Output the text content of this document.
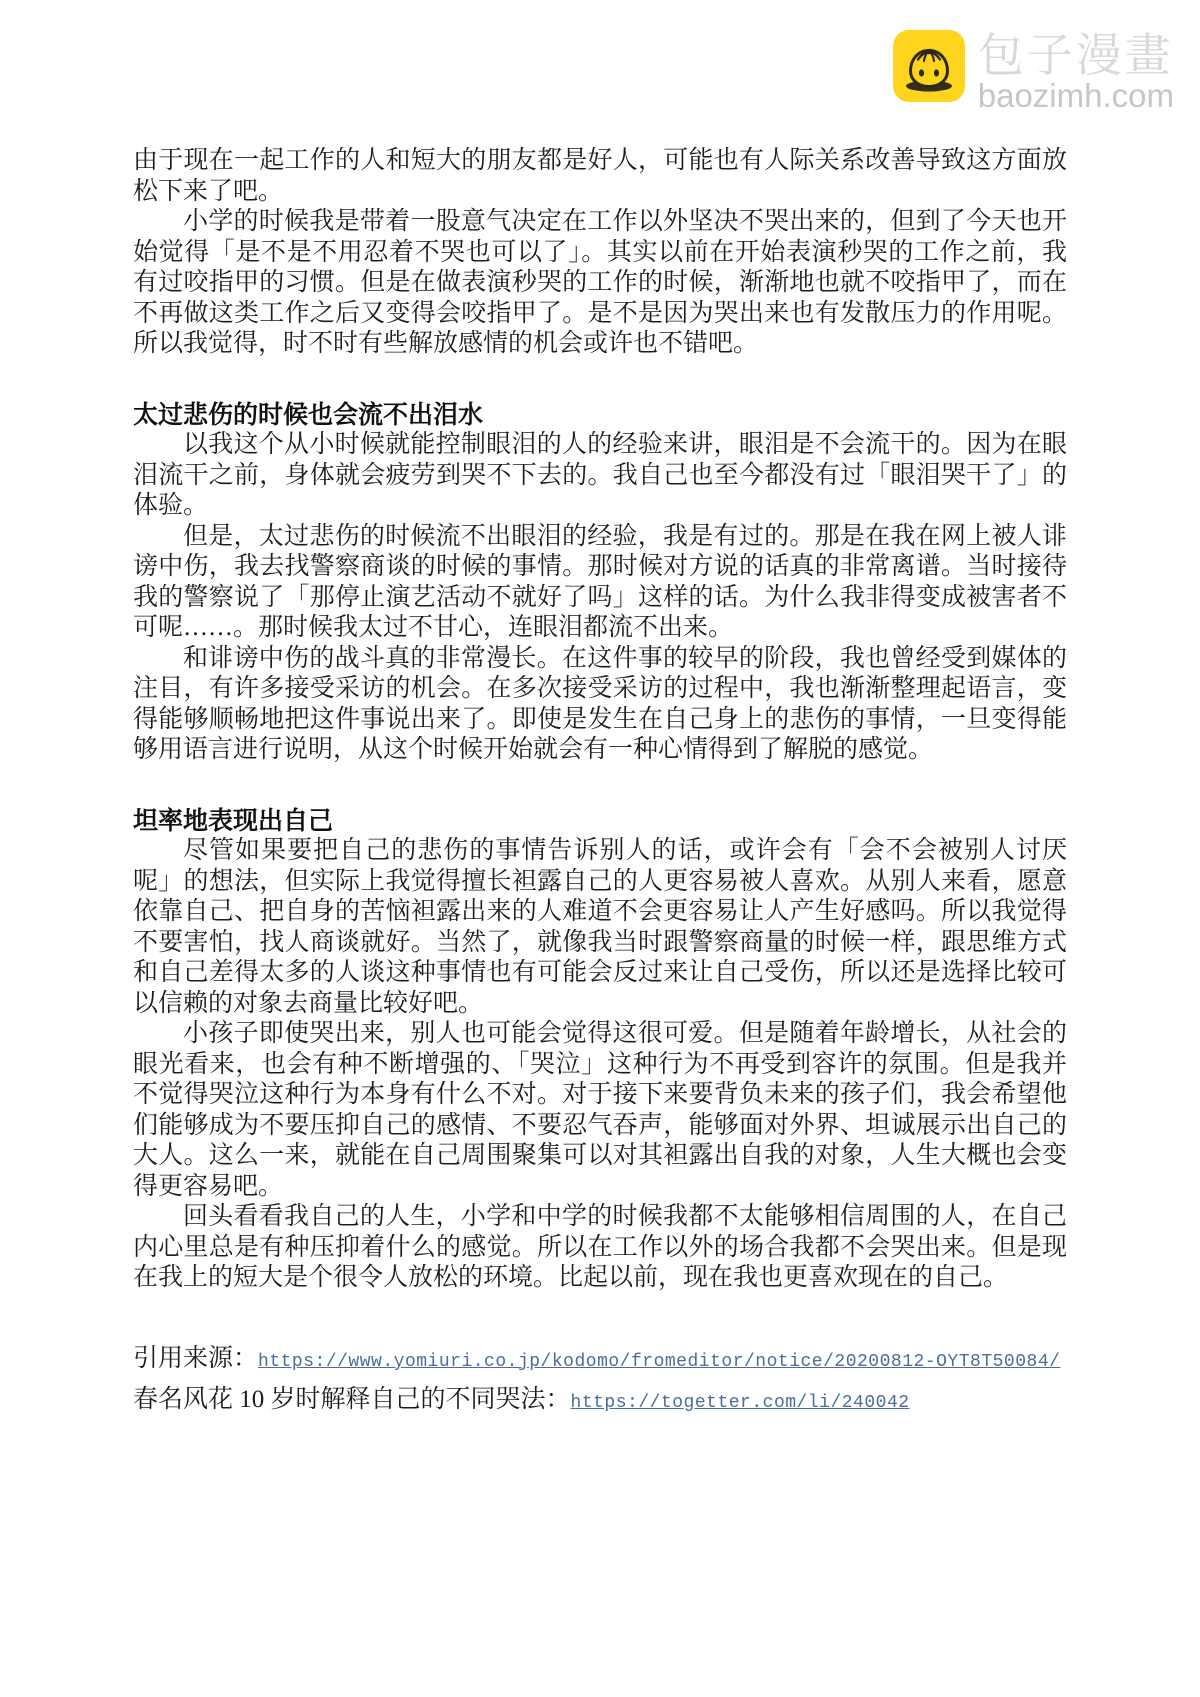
包子漫畫
baozimh.com

由于现在一起工作的人和短大的朋友都是好人，可能也有人际关系改善导致这方面放松下来了吧。

小学的时候我是带着一股意气决定在工作以外坚决不哭出来的，但到了今天也开始觉得「是不是不用忍着不哭也可以了」。其实以前在开始表演秒哭的工作之前，我有过咬指甲的习惯。但是在做表演秒哭的工作的时候，渐渐地也就不咬指甲了，而在不再做这类工作之后又变得会咬指甲了。是不是因为哭出来也有发散压力的作用呢。所以我觉得，时不时有些解放感情的机会或许也不错吧。

太过悲伤的时候也会流不出泪水

以我这个从小时候就能控制眼泪的人的经验来讲，眼泪是不会流干的。因为在眼泪流干之前，身体就会疲劳到哭不下去的。我自己也至今都没有过「眼泪哭干了」的体验。

但是，太过悲伤的时候流不出眼泪的经验，我是有过的。那是在我在网上被人诽谤中伤，我去找警察商谈的时候的事情。那时候对方说的话真的非常离谱。当时接待我的警察说了「那停止演艺活动不就好了吗」这样的话。为什么我非得变成被害者不可呢……。那时候我太过不甘心，连眼泪都流不出来。

和诽谤中伤的战斗真的非常漫长。在这件事的较早的阶段，我也曾经受到媒体的注目，有许多接受采访的机会。在多次接受采访的过程中，我也渐渐整理起语言，变得能够顺畅地把这件事说出来了。即使是发生在自己身上的悲伤的事情，一旦变得能够用语言进行说明，从这个时候开始就会有一种心情得到了解脱的感觉。

坦率地表现出自己

尽管如果要把自己的悲伤的事情告诉别人的话，或许会有「会不会被别人讨厌呢」的想法，但实际上我觉得擅长袒露自己的人更容易被人喜欢。从别人来看，愿意依靠自己、把自身的苦恼袒露出来的人难道不会更容易让人产生好感吗。所以我觉得不要害怕，找人商谈就好。当然了，就像我当时跟警察商量的时候一样，跟思维方式和自己差得太多的人谈这种事情也有可能会反过来让自己受伤，所以还是选择比较可以信赖的对象去商量比较好吧。

小孩子即使哭出来，别人也可能会觉得这很可爱。但是随着年龄增长，从社会的眼光看来，也会有种不断增强的、「哭泣」这种行为不再受到容许的氛围。但是我并不觉得哭泣这种行为本身有什么不对。对于接下来要背负未来的孩子们，我会希望他们能够成为不要压抑自己的感情、不要忍气吞声，能够面对外界、坦诚展示出自己的大人。这么一来，就能在自己周围聚集可以对其袒露出自我的对象，人生大概也会变得更容易吧。

回头看看我自己的人生，小学和中学的时候我都不太能够相信周围的人，在自己内心里总是有种压抑着什么的感觉。所以在工作以外的场合我都不会哭出来。但是现在我上的短大是个很令人放松的环境。比起以前，现在我也更喜欢现在的自己。

引用来源：https://www.yomiuri.co.jp/kodomo/fromeditor/notice/20200812-OYT8T50084/

春名风花 10 岁时解释自己的不同哭法：https://togetter.com/li/240042
